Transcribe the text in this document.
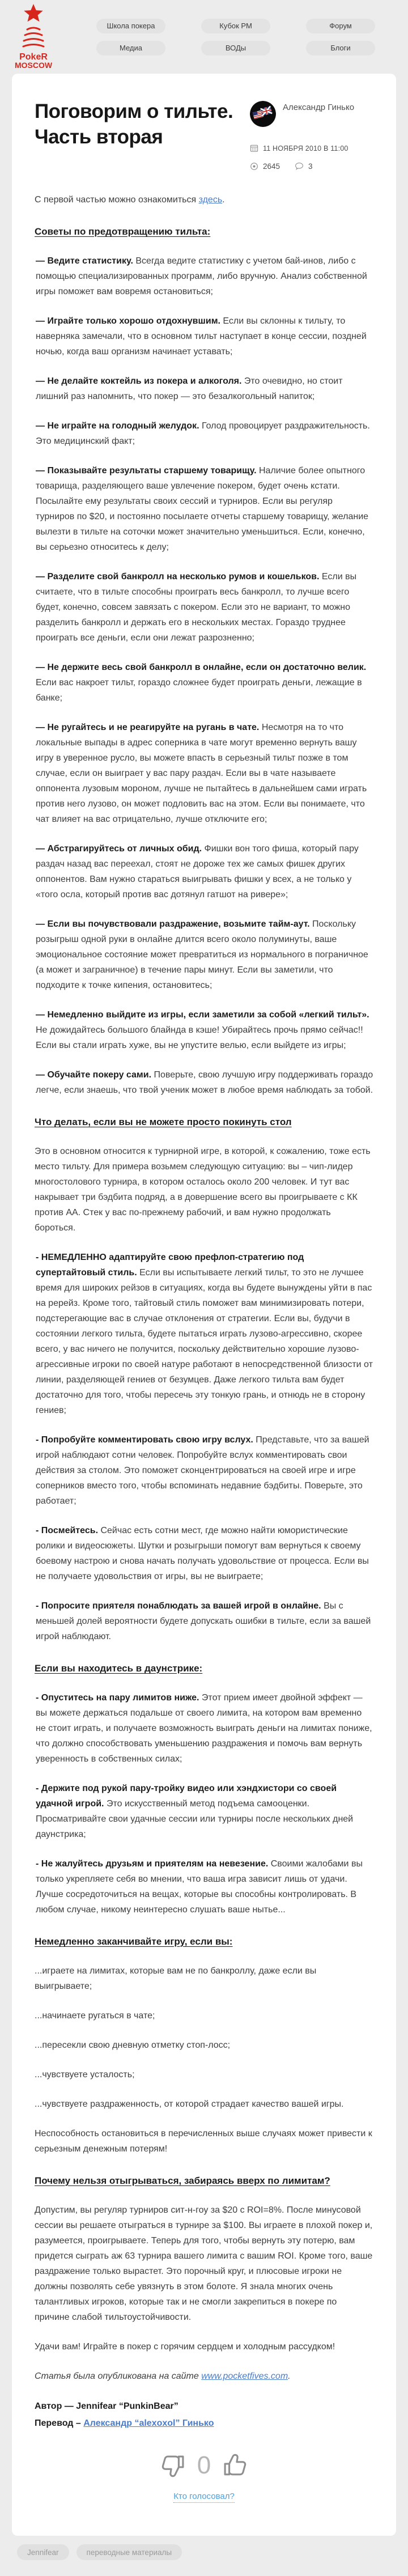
PokeR
MOSCOW
Школа покера	Кубок РМ	Форум
Медиа	ВОДы	Блоги
Поговорим о тильте.
Часть вторая
Александр Гинько
11 НОЯБРЯ 2010 В 11:00
2645	3

С первой частью можно ознакомиться здесь.

Советы по предотвращению тильта:

— Ведите статистику. Всегда ведите статистику с учетом бай-инов, либо с помощью специализированных программ, либо вручную. Анализ собственной игры поможет вам вовремя остановиться;

— Играйте только хорошо отдохнувшим. Если вы склонны к тильту, то наверняка замечали, что в основном тильт наступает в конце сессии, поздней ночью, когда ваш организм начинает уставать;

— Не делайте коктейль из покера и алкоголя. Это очевидно, но стоит лишний раз напомнить, что покер — это безалкогольный напиток;

— Не играйте на голодный желудок. Голод провоцирует раздражительность. Это медицинский факт;

— Показывайте результаты старшему товарищу. Наличие более опытного товарища, разделяющего ваше увлечение покером, будет очень кстати. Посылайте ему результаты своих сессий и турниров. Если вы регуляр турниров по $20, и постоянно посылаете отчеты старшему товарищу, желание вылезти в тильте на соточки может значительно уменьшиться. Если, конечно, вы серьезно относитесь к делу;

— Разделите свой банкролл на несколько румов и кошельков. Если вы считаете, что в тильте способны проиграть весь банкролл, то лучше всего будет, конечно, совсем завязать с покером. Если это не вариант, то можно разделить банкролл и держать его в нескольких местах. Гораздо труднее проиграть все деньги, если они лежат разрозненно;

— Не держите весь свой банкролл в онлайне, если он достаточно велик. Если вас накроет тильт, гораздо сложнее будет проиграть деньги, лежащие в банке;

— Не ругайтесь и не реагируйте на ругань в чате. Несмотря на то что локальные выпады в адрес соперника в чате могут временно вернуть вашу игру в уверенное русло, вы можете впасть в серьезный тильт позже в том случае, если он выиграет у вас пару раздач. Если вы в чате называете оппонента лузовым мороном, лучше не пытайтесь в дальнейшем сами играть против него лузово, он может подловить вас на этом. Если вы понимаете, что чат влияет на вас отрицательно, лучше отключите его;

— Абстрагируйтесь от личных обид. Фишки вон того фиша, который пару раздач назад вас переехал, стоят не дороже тех же самых фишек других оппонентов. Вам нужно стараться выигрывать фишки у всех, а не только у «того осла, который против вас дотянул гатшот на ривере»;

— Если вы почувствовали раздражение, возьмите тайм-аут. Поскольку розыгрыш одной руки в онлайне длится всего около полуминуты, ваше эмоциональное состояние может превратиться из нормального в пограничное (а может и заграничное) в течение пары минут. Если вы заметили, что подходите к точке кипения, остановитесь;

— Немедленно выйдите из игры, если заметили за собой «легкий тильт». Не дожидайтесь большого блайнда в кэше! Убирайтесь прочь прямо сейчас!! Если вы стали играть хуже, вы не упустите велью, если выйдете из игры;

— Обучайте покеру сами. Поверьте, свою лучшую игру поддерживать гораздо легче, если знаешь, что твой ученик может в любое время наблюдать за тобой.

Что делать, если вы не можете просто покинуть стол

Это в основном относится к турнирной игре, в которой, к сожалению, тоже есть место тильту. Для примера возьмем следующую ситуацию: вы – чип-лидер многостолового турнира, в котором осталось около 200 человек. И тут вас накрывает три бэдбита подряд, а в довершение всего вы проигрываете с КК против АА. Стек у вас по-прежнему рабочий, и вам нужно продолжать бороться.

- НЕМЕДЛЕННО адаптируйте свою префлоп-стратегию под супертайтовый стиль. Если вы испытываете легкий тильт, то это не лучшее время для широких рейзов в ситуациях, когда вы будете вынуждены уйти в пас на ререйз. Кроме того, тайтовый стиль поможет вам минимизировать потери, подстерегающие вас в случае отклонения от стратегии. Если вы, будучи в состоянии легкого тильта, будете пытаться играть лузово-агрессивно, скорее всего, у вас ничего не получится, поскольку действительно хорошие лузово-агрессивные игроки по своей натуре работают в непосредственной близости от линии, разделяющей гениев от безумцев. Даже легкого тильта вам будет достаточно для того, чтобы пересечь эту тонкую грань, и отнюдь не в сторону гениев;

- Попробуйте комментировать свою игру вслух. Представьте, что за вашей игрой наблюдают сотни человек. Попробуйте вслух комментировать свои действия за столом. Это поможет сконцентрироваться на своей игре и игре соперников вместо того, чтобы вспоминать недавние бэдбиты. Поверьте, это работает;

- Посмейтесь. Сейчас есть сотни мест, где можно найти юмористические ролики и видеосюжеты. Шутки и розыгрыши помогут вам вернуться к своему боевому настрою и снова начать получать удовольствие от процесса. Если вы не получаете удовольствия от игры, вы не выиграете;

- Попросите приятеля понаблюдать за вашей игрой в онлайне. Вы с меньшей долей вероятности будете допускать ошибки в тильте, если за вашей игрой наблюдают.

Если вы находитесь в даунстрике:

- Опуститесь на пару лимитов ниже. Этот прием имеет двойной эффект — вы можете держаться подальше от своего лимита, на котором вам временно не стоит играть, и получаете возможность выиграть деньги на лимитах пониже, что должно способствовать уменьшению раздражения и помочь вам вернуть уверенность в собственных силах;

- Держите под рукой пару-тройку видео или хэндхистори со своей удачной игрой. Это искусственный метод подъема самооценки. Просматривайте свои удачные сессии или турниры после нескольких дней даунстрика;

- Не жалуйтесь друзьям и приятелям на невезение. Своими жалобами вы только укрепляете себя во мнении, что ваша игра зависит лишь от удачи. Лучше сосредоточиться на вещах, которые вы способны контролировать. В любом случае, никому неинтересно слушать ваше нытье...

Немедленно заканчивайте игру, если вы:

...играете на лимитах, которые вам не по банкроллу, даже если вы выигрываете;

...начинаете ругаться в чате;

...пересекли свою дневную отметку стоп-лосс;

...чувствуете усталость;

...чувствуете раздраженность, от которой страдает качество вашей игры.

Неспособность остановиться в перечисленных выше случаях может привести к серьезным денежным потерям!

Почему нельзя отыгрываться, забираясь вверх по лимитам?

Допустим, вы регуляр турниров сит-н-гоу за $20 с ROI=8%. После минусовой сессии вы решаете отыграться в турнире за $100. Вы играете в плохой покер и, разумеется, проигрываете. Теперь для того, чтобы вернуть эту потерю, вам придется сыграть аж 63 турнира вашего лимита с вашим ROI. Кроме того, ваше раздражение только вырастет. Это порочный круг, и плюсовые игроки не должны позволять себе увязнуть в этом болоте. Я знала многих очень талантливых игроков, которые так и не смогли закрепиться в покере по причине слабой тильтоустойчивости.

Удачи вам! Играйте в покер с горячим сердцем и холодным рассудком!

Статья была опубликована на сайте www.pocketfives.com.

Автор — Jennifear “PunkinBear”
Перевод – Александр “alexoxol” Гинько

0
Кто голосовал?
Jennifear	переводные материалы
